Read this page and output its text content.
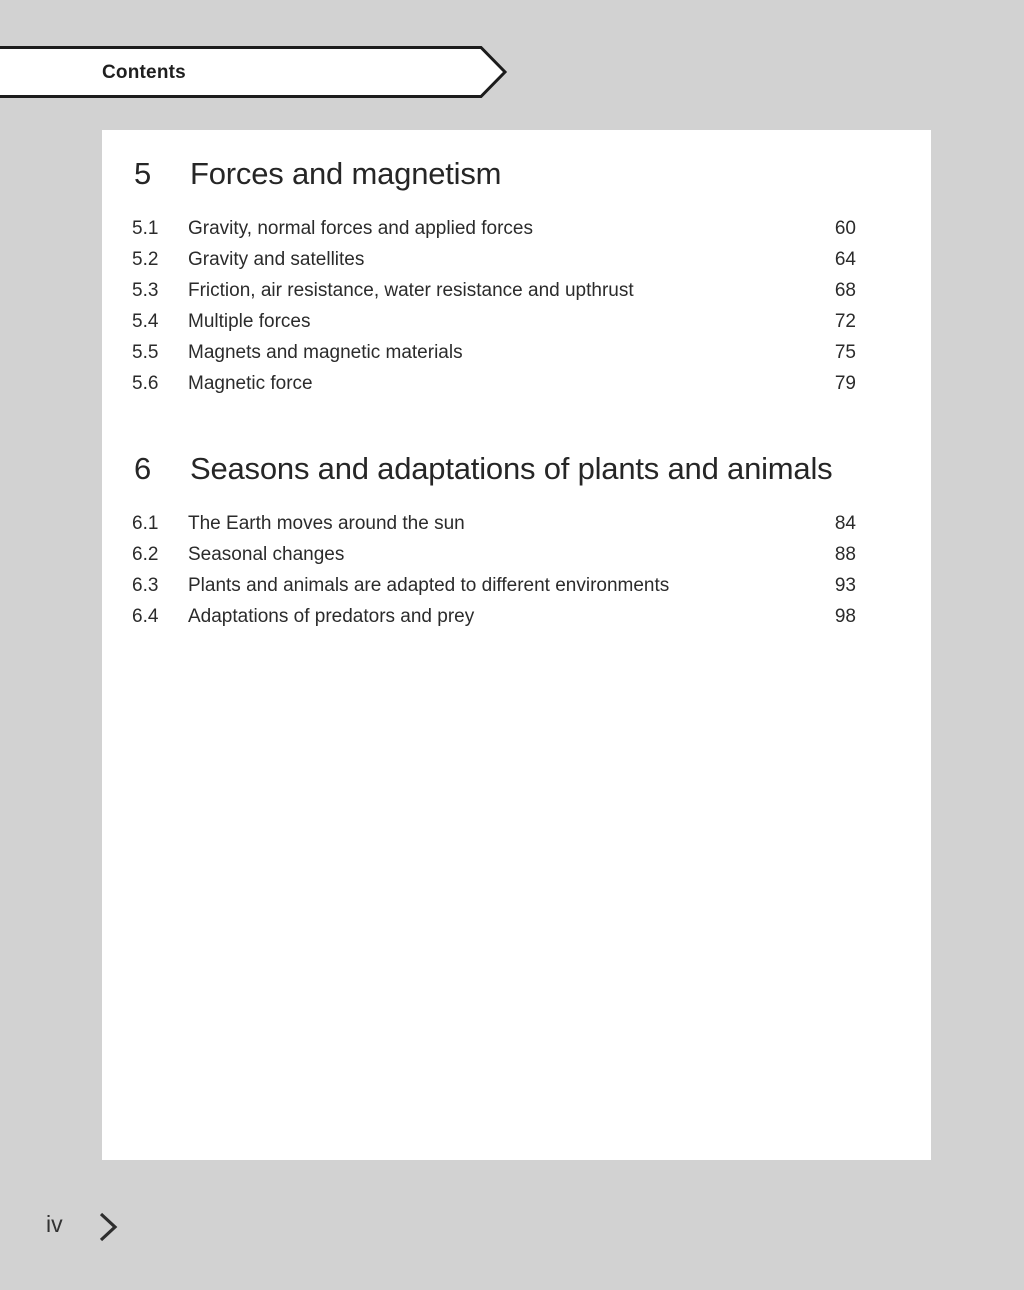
Contents
5	Forces and magnetism
5.1	Gravity, normal forces and applied forces	60
5.2	Gravity and satellites	64
5.3	Friction, air resistance, water resistance and upthrust	68
5.4	Multiple forces	72
5.5	Magnets and magnetic materials	75
5.6	Magnetic force	79
6	Seasons and adaptations of plants and animals
6.1	The Earth moves around the sun	84
6.2	Seasonal changes	88
6.3	Plants and animals are adapted to different environments	93
6.4	Adaptations of predators and prey	98
iv
